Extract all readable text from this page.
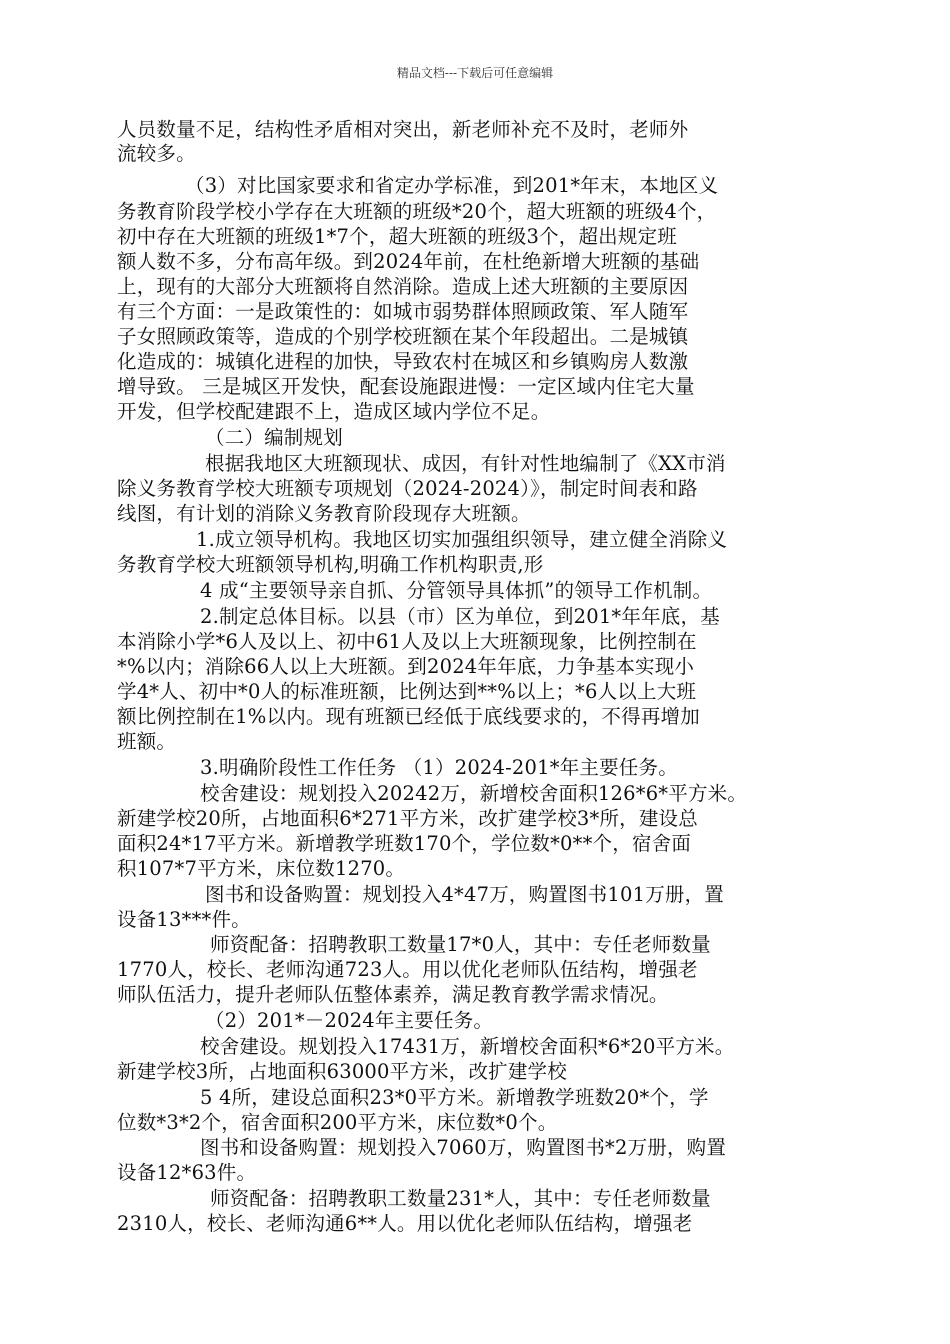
精品文档---下载后可任意编辑
人员数量不足，结构性矛盾相对突出，新老师补充不及时，老师外
流较多。
（3）对比国家要求和省定办学标准，到201*年末，本地区义
务教育阶段学校小学存在大班额的班级*20个，超大班额的班级4个，
初中存在大班额的班级1*7个，超大班额的班级3个，超出规定班
额人数不多，分布高年级。到2024年前，在杜绝新增大班额的基础
上，现有的大部分大班额将自然消除。造成上述大班额的主要原因
有三个方面：一是政策性的：如城市弱势群体照顾政策、军人随军
子女照顾政策等，造成的个别学校班额在某个年段超出。二是城镇
化造成的：城镇化进程的加快，导致农村在城区和乡镇购房人数激
增导致。 三是城区开发快，配套设施跟进慢：一定区域内住宅大量
开发，但学校配建跟不上，造成区域内学位不足。
（二）编制规划
根据我地区大班额现状、成因，有针对性地编制了《XX市消
除义务教育学校大班额专项规划（2024-2024）》，制定时间表和路
线图，有计划的消除义务教育阶段现存大班额。
1.成立领导机构。我地区切实加强组织领导，建立健全消除义
务教育学校大班额领导机构,明确工作机构职责,形
4 成“主要领导亲自抓、分管领导具体抓”的领导工作机制。
2.制定总体目标。以县（市）区为单位，到201*年年底，基
本消除小学*6人及以上、初中61人及以上大班额现象，比例控制在
*%以内；消除66人以上大班额。到2024年年底，力争基本实现小
学4*人、初中*0人的标准班额，比例达到**%以上；*6人以上大班
额比例控制在1%以内。现有班额已经低于底线要求的，不得再增加
班额。
3.明确阶段性工作任务 （1）2024-201*年主要任务。
校舍建设：规划投入20242万，新增校舍面积126*6*平方米。
新建学校20所，占地面积6*271平方米，改扩建学校3*所，建设总
面积24*17平方米。新增教学班数170个，学位数*0**个，宿舍面
积107*7平方米，床位数1270。
图书和设备购置：规划投入4*47万，购置图书101万册，置
设备13***件。
师资配备：招聘教职工数量17*0人，其中：专任老师数量
1770人，校长、老师沟通723人。用以优化老师队伍结构，增强老
师队伍活力，提升老师队伍整体素养，满足教育教学需求情况。
（2）201*－2024年主要任务。
校舍建设。规划投入17431万，新增校舍面积*6*20平方米。
新建学校3所，占地面积63000平方米，改扩建学校
5 4所，建设总面积23*0平方米。新增教学班数20*个，学
位数*3*2个，宿舍面积200平方米，床位数*0个。
图书和设备购置：规划投入7060万，购置图书*2万册，购置
设备12*63件。
师资配备：招聘教职工数量231*人，其中：专任老师数量
2310人，校长、老师沟通6**人。用以优化老师队伍结构，增强老
